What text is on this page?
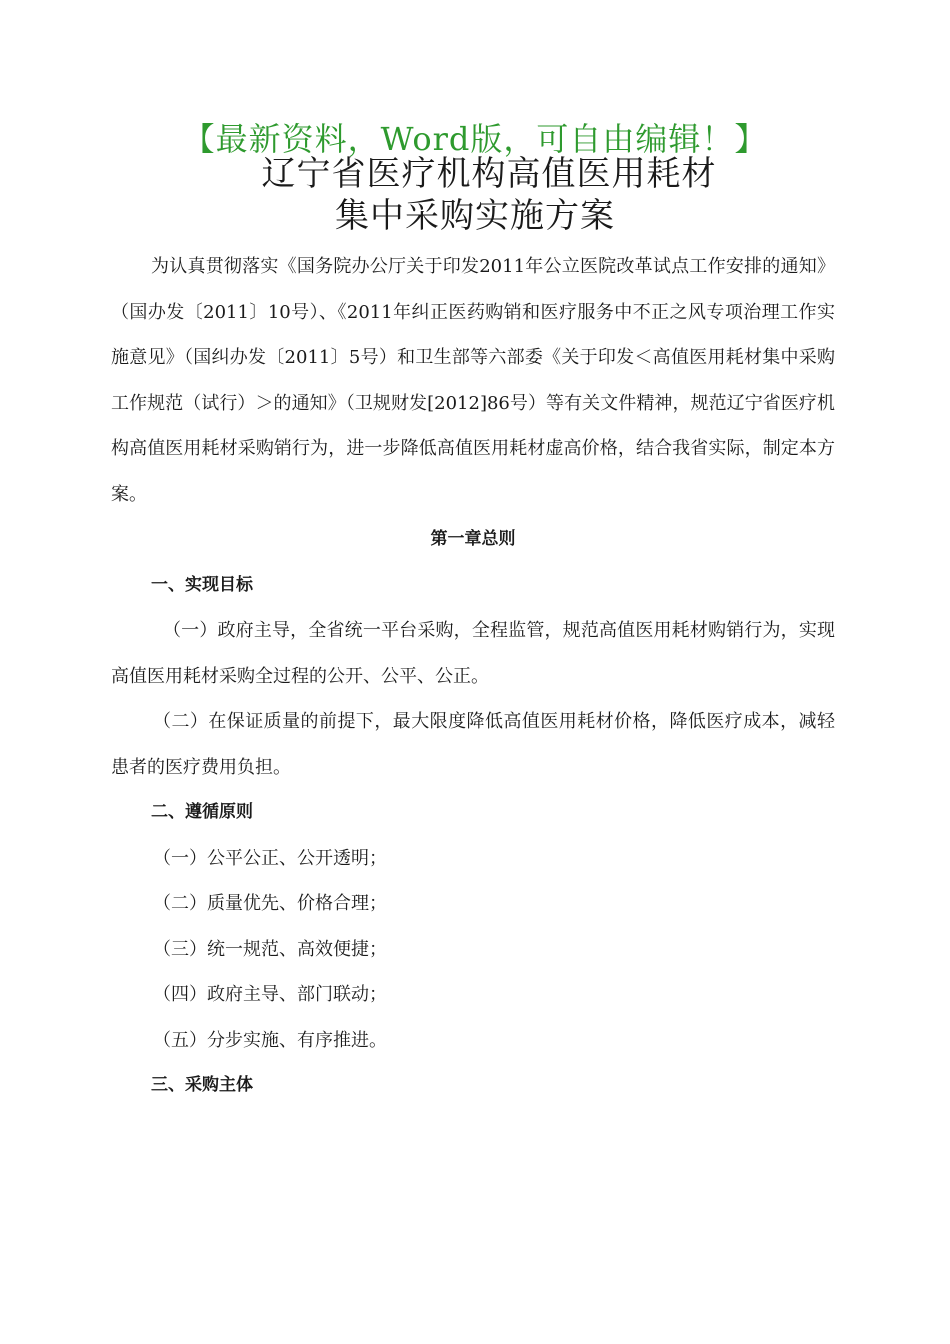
【最新资料，Word版，可自由编辑！】
辽宁省医疗机构高值医用耗材
集中采购实施方案

为认真贯彻落实《国务院办公厅关于印发2011年公立医院改革试点工作安排的通知》（国办发〔2011〕10号）、《2011年纠正医药购销和医疗服务中不正之风专项治理工作实施意见》（国纠办发〔2011〕5号）和卫生部等六部委《关于印发＜高值医用耗材集中采购工作规范（试行）＞的通知》（卫规财发[2012]86号）等有关文件精神，规范辽宁省医疗机构高值医用耗材采购销行为，进一步降低高值医用耗材虚高价格，结合我省实际，制定本方案。

第一章总则

一、实现目标

（一）政府主导，全省统一平台采购，全程监管，规范高值医用耗材购销行为，实现高值医用耗材采购全过程的公开、公平、公正。

（二）在保证质量的前提下，最大限度降低高值医用耗材价格，降低医疗成本，减轻患者的医疗费用负担。

二、遵循原则

（一）公平公正、公开透明；

（二）质量优先、价格合理；

（三）统一规范、高效便捷；

（四）政府主导、部门联动；

（五）分步实施、有序推进。

三、采购主体
